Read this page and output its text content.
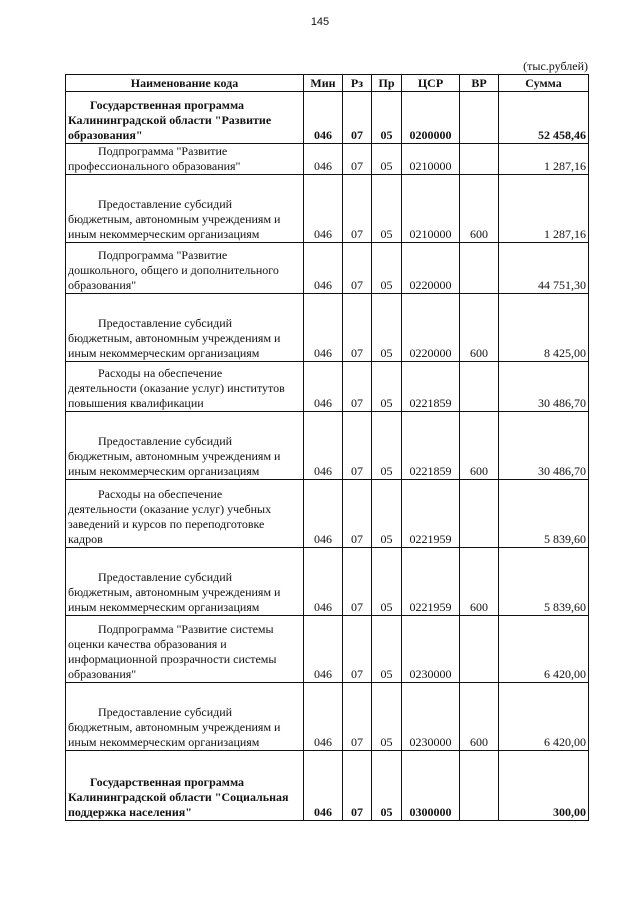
145
(тыс.рублей)
Наименование кода	Мин	Рз	Пр	ЦСР	ВР	Сумма

Государственная программа
Калининградской области "Развитие образования"	046	07	05	0200000		52 458,46

Подпрограмма "Развитие
профессионального образования"	046	07	05	0210000		1 287,16

Предоставление субсидий
бюджетным, автономным учреждениям и иным некоммерческим организациям	046	07	05	0210000	600	1 287,16

Подпрограмма "Развитие
дошкольного, общего и дополнительного образования"	046	07	05	0220000		44 751,30

Предоставление субсидий
бюджетным, автономным учреждениям и иным некоммерческим организациям	046	07	05	0220000	600	8 425,00

Расходы на обеспечение
деятельности (оказание услуг) институтов повышения квалификации	046	07	05	0221859		30 486,70

Предоставление субсидий
бюджетным, автономным учреждениям и иным некоммерческим организациям	046	07	05	0221859	600	30 486,70

Расходы на обеспечение
деятельности (оказание услуг) учебных заведений и курсов по переподготовке кадров	046	07	05	0221959		5 839,60

Предоставление субсидий
бюджетным, автономным учреждениям и иным некоммерческим организациям	046	07	05	0221959	600	5 839,60

Подпрограмма "Развитие системы
оценки качества образования и информационной прозрачности системы образования"	046	07	05	0230000		6 420,00

Предоставление субсидий
бюджетным, автономным учреждениям и иным некоммерческим организациям	046	07	05	0230000	600	6 420,00

Государственная программа
Калининградской области "Социальная поддержка населения"	046	07	05	0300000		300,00
